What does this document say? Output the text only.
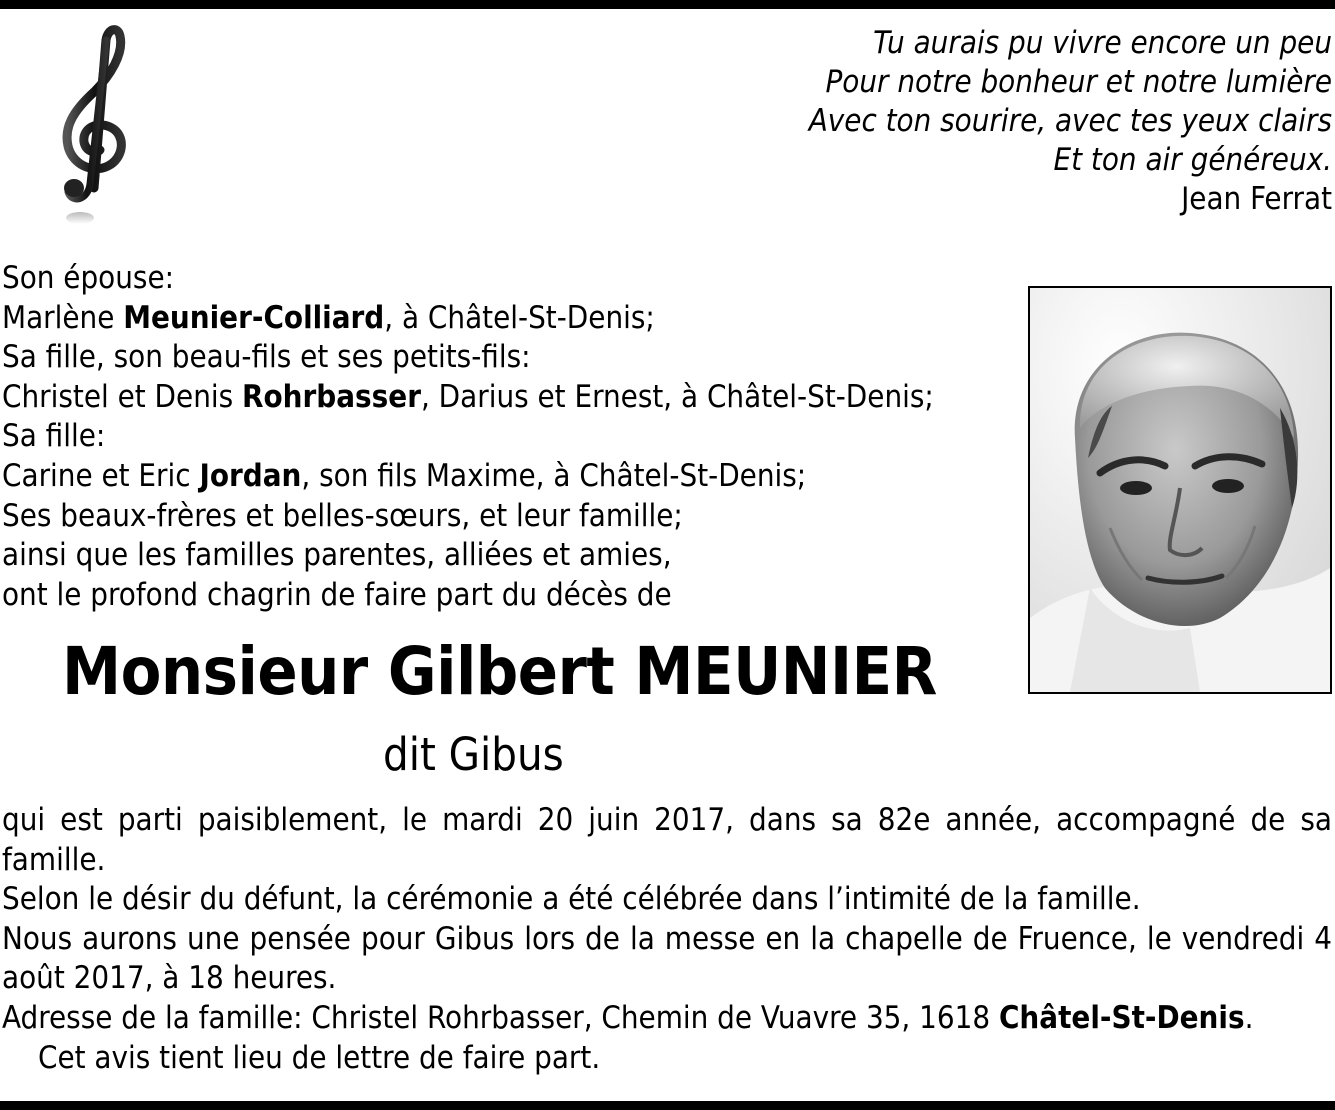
Tu aurais pu vivre encore un peu
Pour notre bonheur et notre lumière
Avec ton sourire, avec tes yeux clairs
Et ton air généreux.
Jean Ferrat
Son épouse:
Marlène Meunier-Colliard, à Châtel-St-Denis;
Sa fille, son beau-fils et ses petits-fils:
Christel et Denis Rohrbasser, Darius et Ernest, à Châtel-St-Denis;
Sa fille:
Carine et Eric Jordan, son fils Maxime, à Châtel-St-Denis;
Ses beaux-frères et belles-sœurs, et leur famille;
ainsi que les familles parentes, alliées et amies,
ont le profond chagrin de faire part du décès de
Monsieur Gilbert MEUNIER
dit Gibus
qui est parti paisiblement, le mardi 20 juin 2017, dans sa 82e année, accompagné de sa famille.
Selon le désir du défunt, la cérémonie a été célébrée dans l’intimité de la famille.
Nous aurons une pensée pour Gibus lors de la messe en la chapelle de Fruence, le vendredi 4 août 2017, à 18 heures.
Adresse de la famille: Christel Rohrbasser, Chemin de Vuavre 35, 1618 Châtel-St-Denis.
Cet avis tient lieu de lettre de faire part.
